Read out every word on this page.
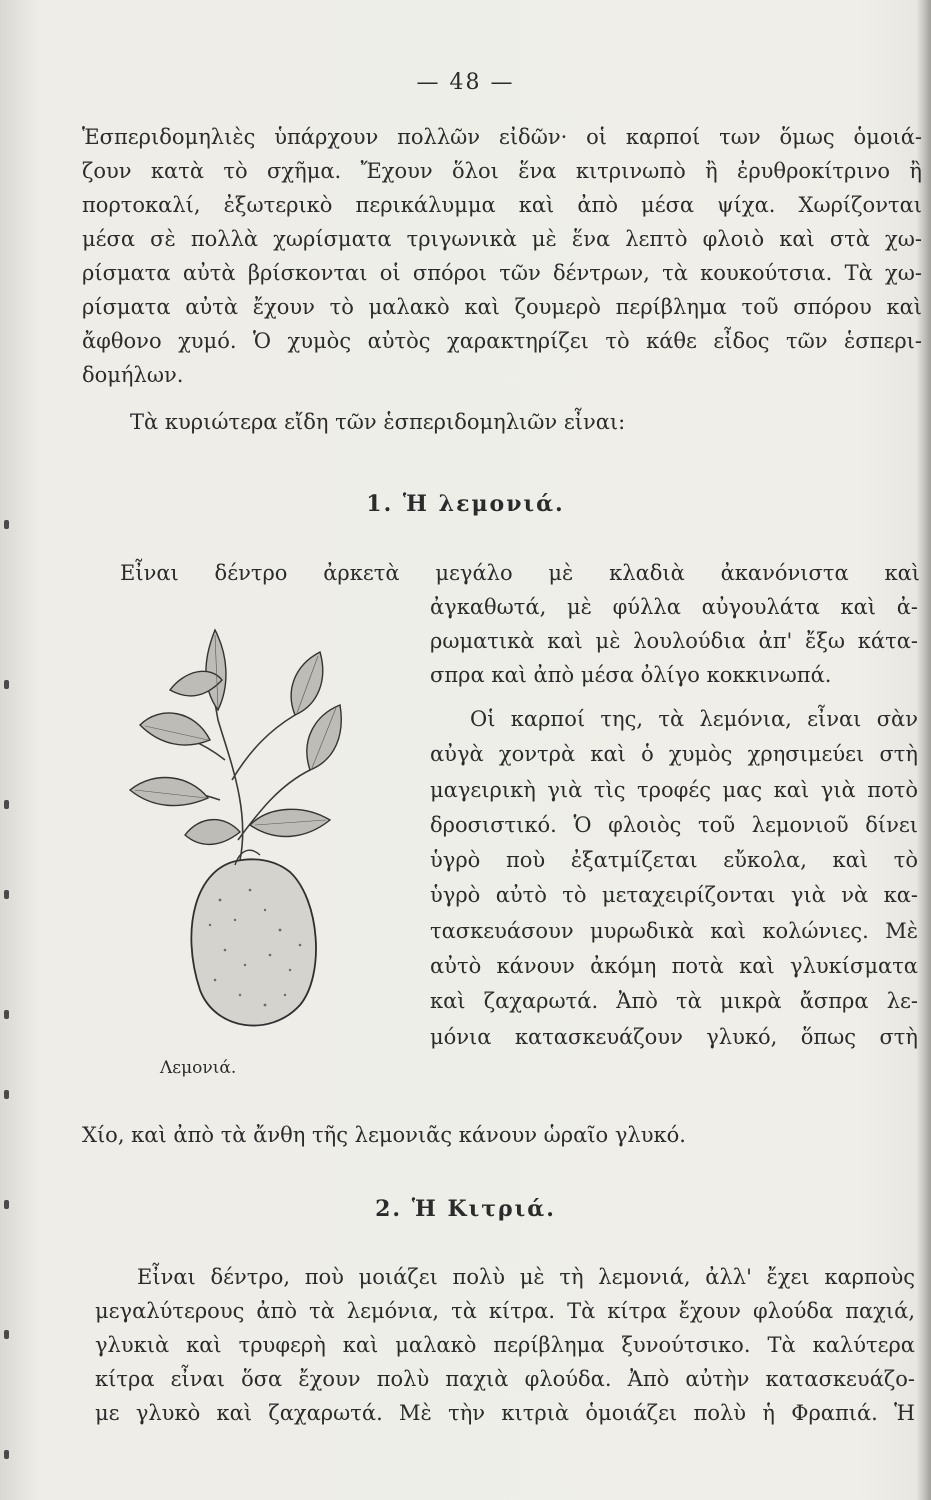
— 48 —
Ἑσπεριδομηλιὲς ὑπάρχουν πολλῶν εἰδῶν· οἱ καρποί των ὅμως ὁμοιά-
ζουν κατὰ τὸ σχῆμα. Ἔχουν ὅλοι ἕνα κιτρινωπὸ ἢ ἐρυθροκίτρινο ἢ
πορτοκαλί, ἐξωτερικὸ περικάλυμμα καὶ ἀπὸ μέσα ψίχα. Χωρίζονται
μέσα σὲ πολλὰ χωρίσματα τριγωνικὰ μὲ ἕνα λεπτὸ φλοιὸ καὶ στὰ χω-
ρίσματα αὐτὰ βρίσκονται οἱ σπόροι τῶν δέντρων, τὰ κουκούτσια. Τὰ χω-
ρίσματα αὐτὰ ἔχουν τὸ μαλακὸ καὶ ζουμερὸ περίβλημα τοῦ σπόρου καὶ
ἄφθονο χυμό. Ὁ χυμὸς αὐτὸς χαρακτηρίζει τὸ κάθε εἶδος τῶν ἑσπερι-
δομήλων.
Τὰ κυριώτερα εἴδη τῶν ἑσπεριδομηλιῶν εἶναι:
1. Ἡ λεμονιά.
Εἶναι δέντρο ἀρκετὰ μεγάλο μὲ κλαδιὰ ἀκανόνιστα καὶ
ἀγκαθωτά, μὲ φύλλα αὐγουλάτα καὶ ἀ-
ρωματικὰ καὶ μὲ λουλούδια ἀπ' ἔξω κάτα-
σπρα καὶ ἀπὸ μέσα ὀλίγο κοκκινωπά.
Οἱ καρποί της, τὰ λεμόνια, εἶναι σὰν
αὐγὰ χοντρὰ καὶ ὁ χυμὸς χρησιμεύει στὴ
μαγειρικὴ γιὰ τὶς τροφές μας καὶ γιὰ ποτὸ
δροσιστικό. Ὁ φλοιὸς τοῦ λεμονιοῦ δίνει
ὑγρὸ ποὺ ἐξατμίζεται εὔκολα, καὶ τὸ
ὑγρὸ αὐτὸ τὸ μεταχειρίζονται γιὰ νὰ κα-
τασκευάσουν μυρωδικὰ καὶ κολώνιες. Μὲ
αὐτὸ κάνουν ἀκόμη ποτὰ καὶ γλυκίσματα
καὶ ζαχαρωτά. Ἀπὸ τὰ μικρὰ ἄσπρα λε-
μόνια κατασκευάζουν γλυκό, ὅπως στὴ
Λεμονιά.
Χίο, καὶ ἀπὸ τὰ ἄνθη τῆς λεμονιᾶς κάνουν ὡραῖο γλυκό.
2. Ἡ Κιτριά.
Εἶναι δέντρο, ποὺ μοιάζει πολὺ μὲ τὴ λεμονιά, ἀλλ' ἔχει καρποὺς
μεγαλύτερους ἀπὸ τὰ λεμόνια, τὰ κίτρα. Τὰ κίτρα ἔχουν φλούδα παχιά,
γλυκιὰ καὶ τρυφερὴ καὶ μαλακὸ περίβλημα ξυνούτσικο. Τὰ καλύτερα
κίτρα εἶναι ὅσα ἔχουν πολὺ παχιὰ φλούδα. Ἀπὸ αὐτὴν κατασκευάζο-
με γλυκὸ καὶ ζαχαρωτά. Μὲ τὴν κιτριὰ ὁμοιάζει πολὺ ἡ Φραπιά. Ἡ
